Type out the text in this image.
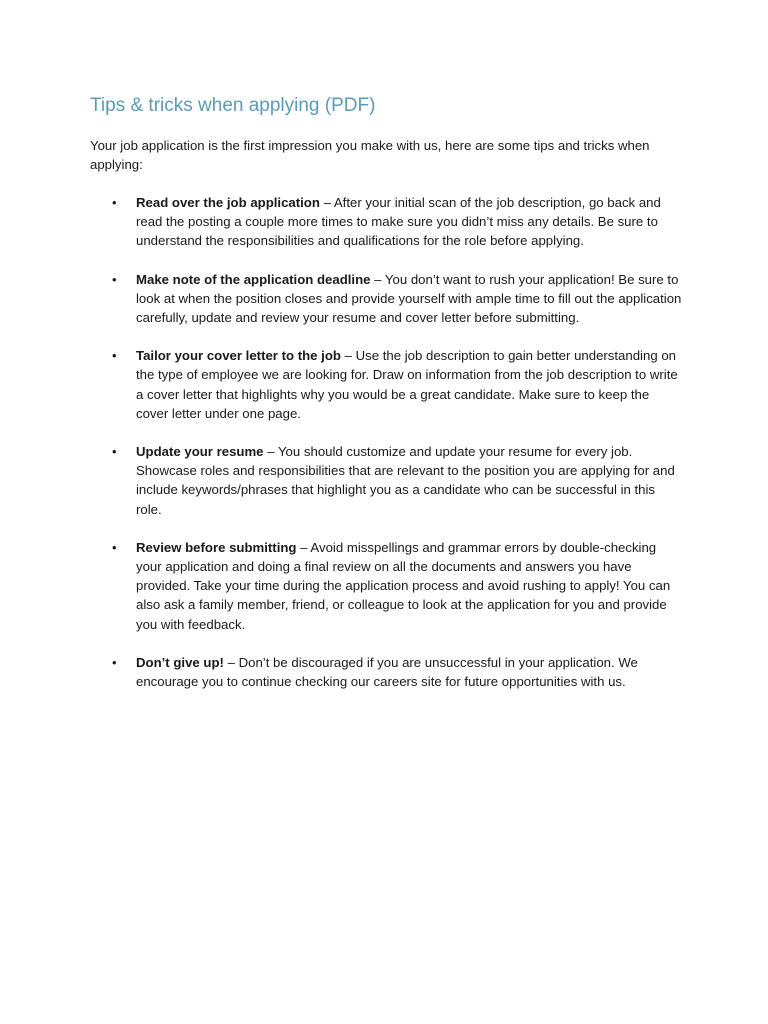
Tips & tricks when applying (PDF)

Your job application is the first impression you make with us, here are some tips and tricks when applying:

• Read over the job application – After your initial scan of the job description, go back and read the posting a couple more times to make sure you didn’t miss any details. Be sure to understand the responsibilities and qualifications for the role before applying.
• Make note of the application deadline – You don’t want to rush your application! Be sure to look at when the position closes and provide yourself with ample time to fill out the application carefully, update and review your resume and cover letter before submitting.
• Tailor your cover letter to the job – Use the job description to gain better understanding on the type of employee we are looking for. Draw on information from the job description to write a cover letter that highlights why you would be a great candidate. Make sure to keep the cover letter under one page.
• Update your resume – You should customize and update your resume for every job. Showcase roles and responsibilities that are relevant to the position you are applying for and include keywords/phrases that highlight you as a candidate who can be successful in this role.
• Review before submitting – Avoid misspellings and grammar errors by double-checking your application and doing a final review on all the documents and answers you have provided. Take your time during the application process and avoid rushing to apply! You can also ask a family member, friend, or colleague to look at the application for you and provide you with feedback.
• Don’t give up! – Don’t be discouraged if you are unsuccessful in your application. We encourage you to continue checking our careers site for future opportunities with us.
